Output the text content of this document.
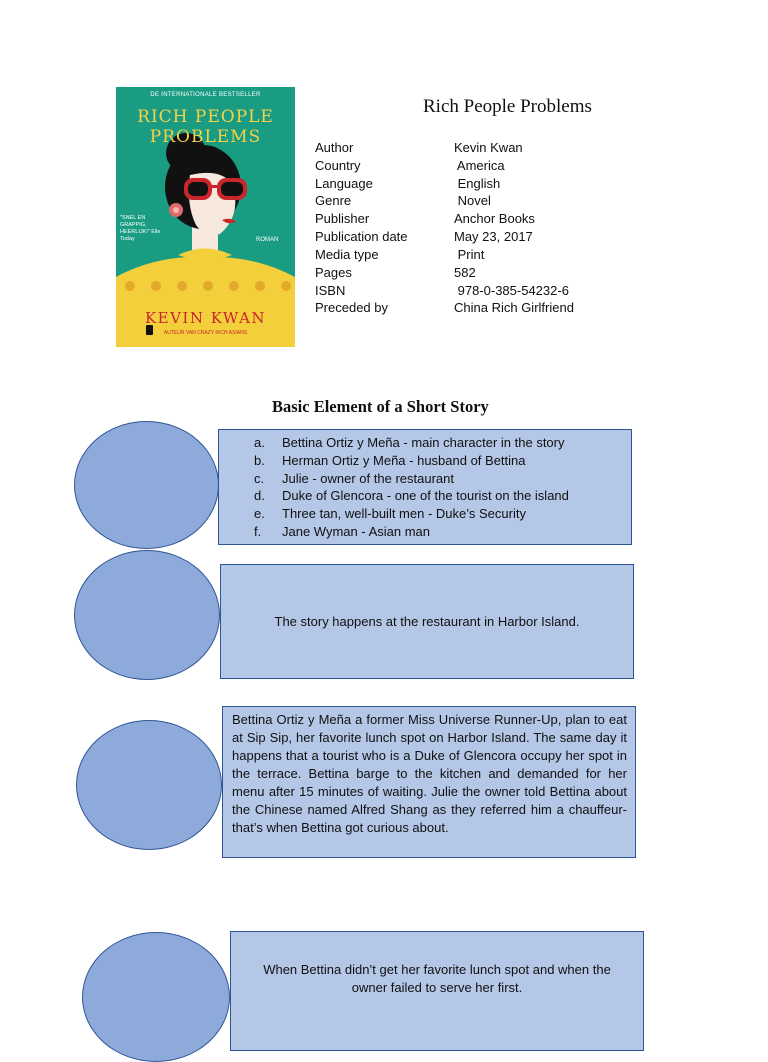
DE INTERNATIONALE BESTSELLER
RICH PEOPLE
PROBLEMS
"SNEL EN GRAPPIG, HEERLIJK!" Elle Today	ROMAN
KEVIN KWAN
AUTEUR VAN CRAZY RICH ASIANS
Rich People Problems
Author	Kevin Kwan
Country	America
Language	English
Genre	Novel
Publisher	Anchor Books
Publication date	May 23, 2017
Media type	Print
Pages	582
ISBN	978-0-385-54232-6
Preceded by	China Rich Girlfriend
Basic Element of a Short Story
a. Bettina Ortiz y Meña - main character in the story
b. Herman Ortiz y Meña - husband of Bettina
c. Julie - owner of the restaurant
d. Duke of Glencora - one of the tourist on the island
e. Three tan, well-built men - Duke’s Security
f. Jane Wyman - Asian man
The story happens at the restaurant in Harbor Island.
Bettina Ortiz y Meña a former Miss Universe Runner-Up, plan to eat at Sip Sip, her favorite lunch spot on Harbor Island. The same day it happens that a tourist who is a Duke of Glencora occupy her spot in the terrace. Bettina barge to the kitchen and demanded for her menu after 15 minutes of waiting. Julie the owner told Bettina about the Chinese named Alfred Shang as they referred him a chauffeur- that’s when Bettina got curious about.
When Bettina didn’t get her favorite lunch spot and when the owner failed to serve her first.
